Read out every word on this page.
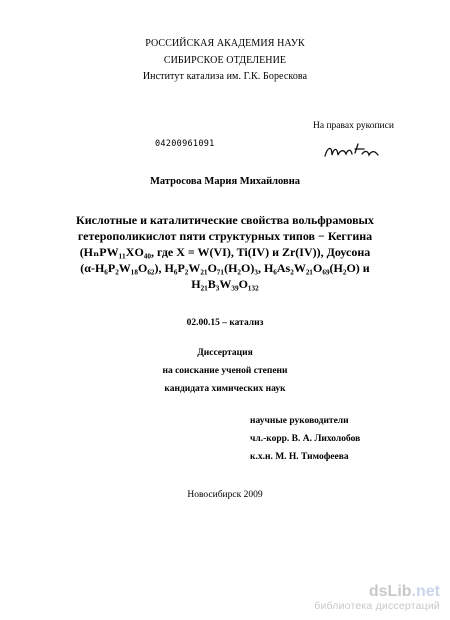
РОССИЙСКАЯ АКАДЕМИЯ НАУК
СИБИРСКОЕ ОТДЕЛЕНИЕ
Институт катализа им. Г.К. Борескова
На правах рукописи
04200961091
Матросова Мария Михайловна
Кислотные и каталитические свойства вольфрамовых
гетерополикислот пяти структурных типов − Кеггина
(HₙPW₁₁XO₄₀, где X = W(VI), Ti(IV) и Zr(IV)), Доусона
(α-H₆P₂W₁₈O₆₂), H₆P₂W₂₁O₇₁(H₂O)₃, H₆As₂W₂₁O₆₉(H₂O) и
H₂₁B₃W₃₉O₁₃₂
02.00.15 – катализ
Диссертация
на соискание ученой степени
кандидата химических наук
научные руководители
чл.-корр. В. А. Лихолобов
к.х.н. М. Н. Тимофеева
Новосибирск 2009
dsLib.net
библиотека диссертаций
